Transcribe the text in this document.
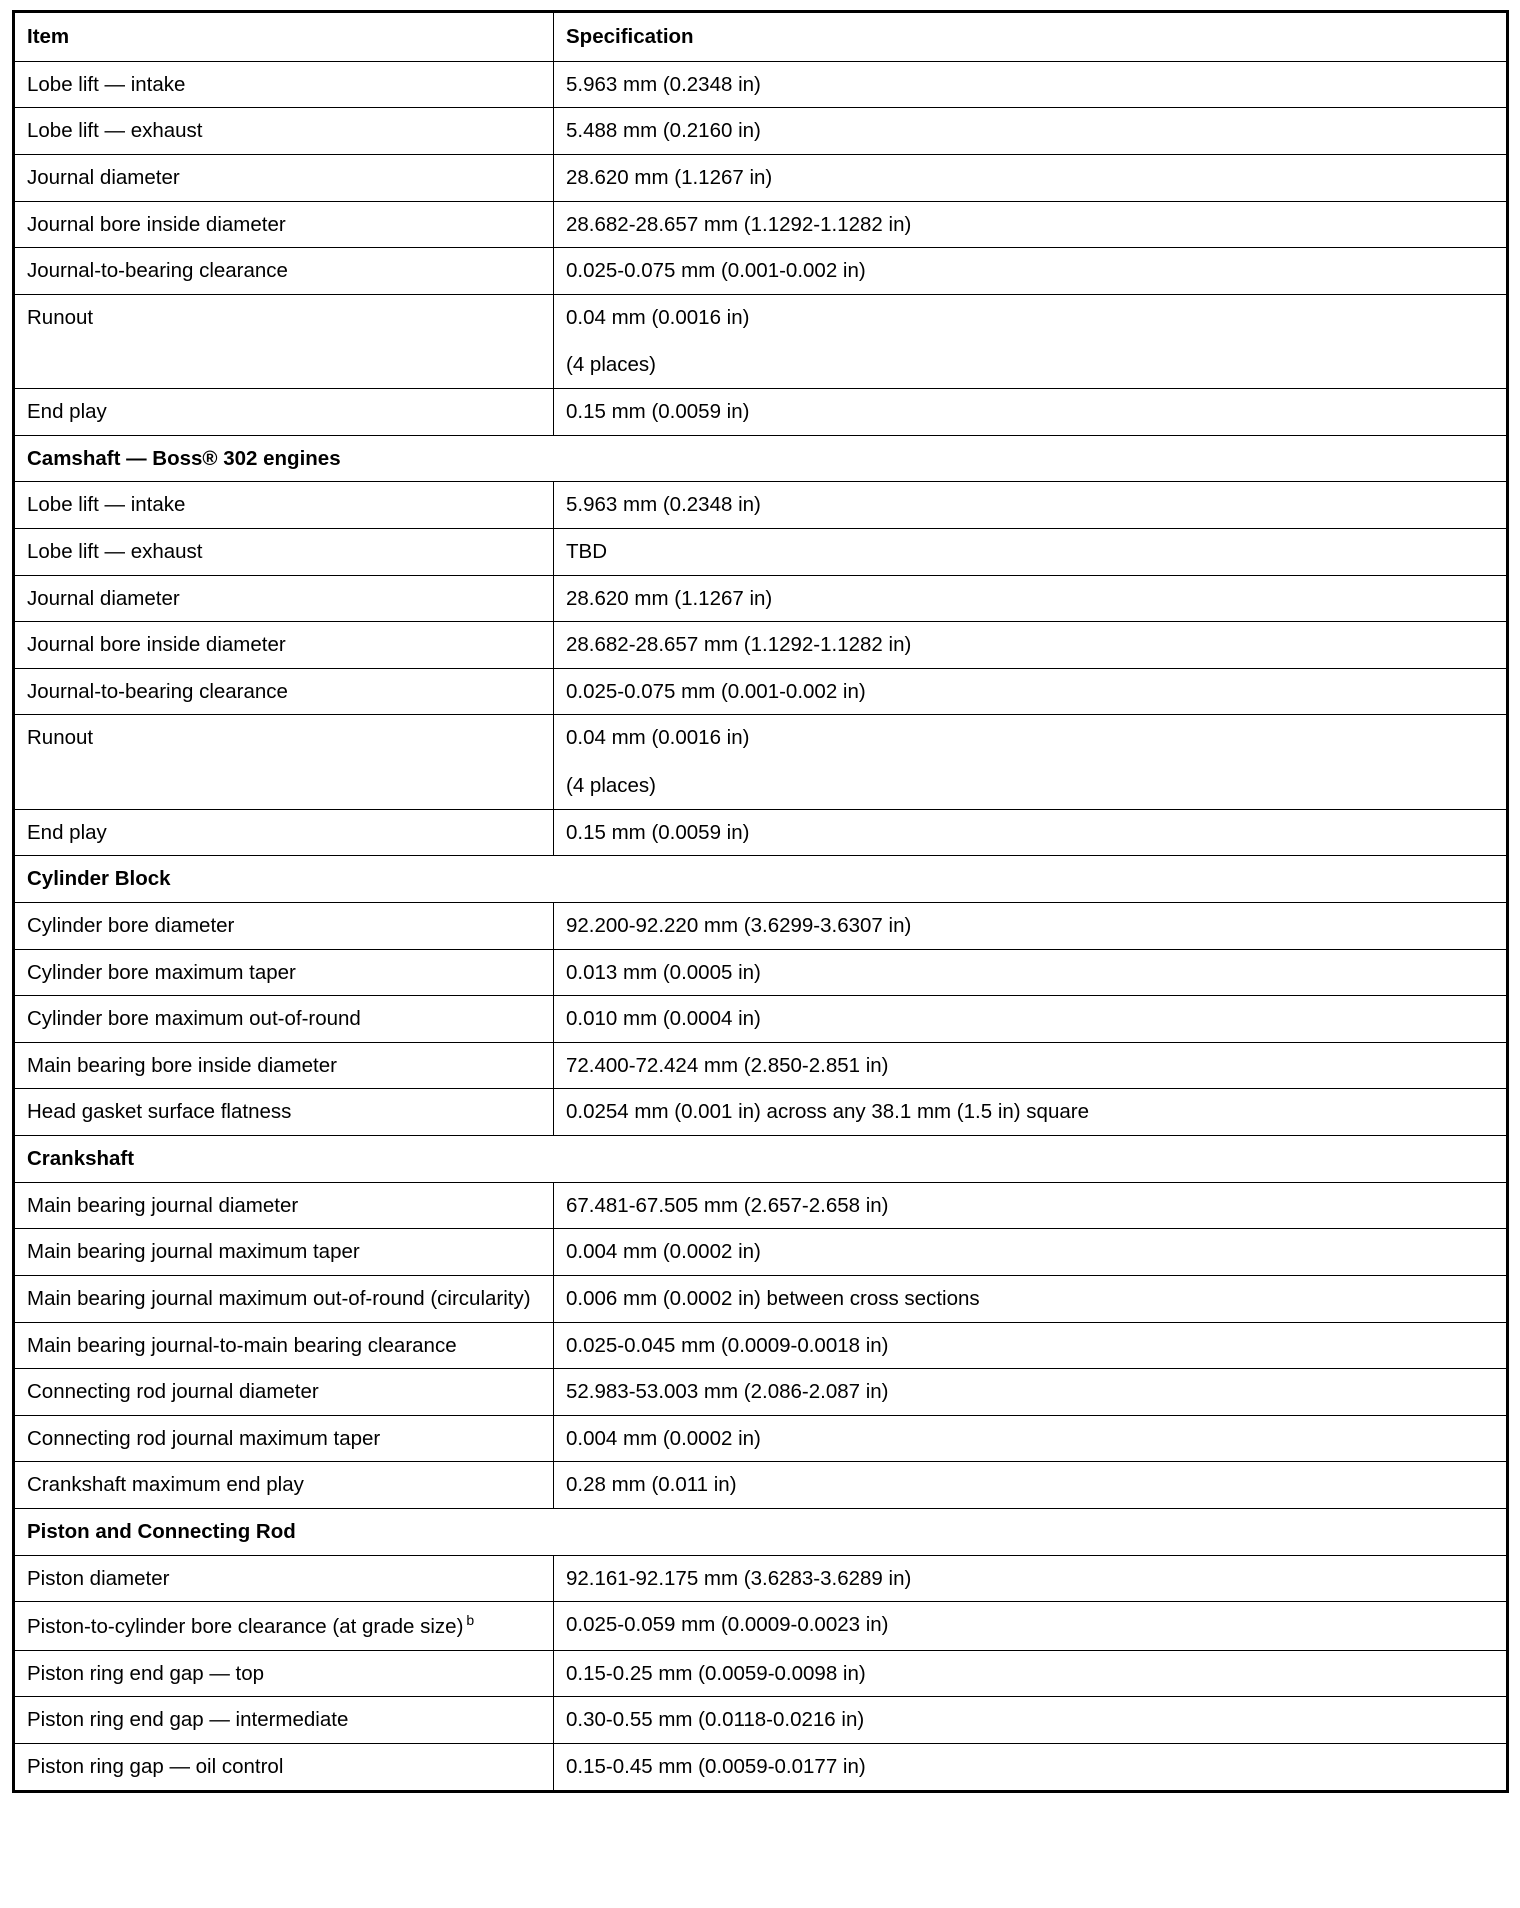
Item	Specification
Lobe lift — intake	5.963 mm (0.2348 in)
Lobe lift — exhaust	5.488 mm (0.2160 in)
Journal diameter	28.620 mm (1.1267 in)
Journal bore inside diameter	28.682-28.657 mm (1.1292-1.1282 in)
Journal-to-bearing clearance	0.025-0.075 mm (0.001-0.002 in)
Runout	0.04 mm (0.0016 in)
(4 places)

End play	0.15 mm (0.0059 in)
Camshaft — Boss® 302 engines	
Lobe lift — intake	5.963 mm (0.2348 in)
Lobe lift — exhaust	TBD
Journal diameter	28.620 mm (1.1267 in)
Journal bore inside diameter	28.682-28.657 mm (1.1292-1.1282 in)
Journal-to-bearing clearance	0.025-0.075 mm (0.001-0.002 in)
Runout	0.04 mm (0.0016 in)
(4 places)

End play	0.15 mm (0.0059 in)
Cylinder Block	
Cylinder bore diameter	92.200-92.220 mm (3.6299-3.6307 in)
Cylinder bore maximum taper	0.013 mm (0.0005 in)
Cylinder bore maximum out-of-round	0.010 mm (0.0004 in)
Main bearing bore inside diameter	72.400-72.424 mm (2.850-2.851 in)
Head gasket surface flatness	0.0254 mm (0.001 in) across any 38.1 mm (1.5 in) square
Crankshaft	
Main bearing journal diameter	67.481-67.505 mm (2.657-2.658 in)
Main bearing journal maximum taper	0.004 mm (0.0002 in)
Main bearing journal maximum out-of-round (circularity)	0.006 mm (0.0002 in) between cross sections
Main bearing journal-to-main bearing clearance	0.025-0.045 mm (0.0009-0.0018 in)
Connecting rod journal diameter	52.983-53.003 mm (2.086-2.087 in)
Connecting rod journal maximum taper	0.004 mm (0.0002 in)
Crankshaft maximum end play	0.28 mm (0.011 in)
Piston and Connecting Rod	
Piston diameter	92.161-92.175 mm (3.6283-3.6289 in)
Piston-to-cylinder bore clearance (at grade size) $^b$	0.025-0.059 mm (0.0009-0.0023 in)
Piston ring end gap — top	0.15-0.25 mm (0.0059-0.0098 in)
Piston ring end gap — intermediate	0.30-0.55 mm (0.0118-0.0216 in)
Piston ring gap — oil control	0.15-0.45 mm (0.0059-0.0177 in)
